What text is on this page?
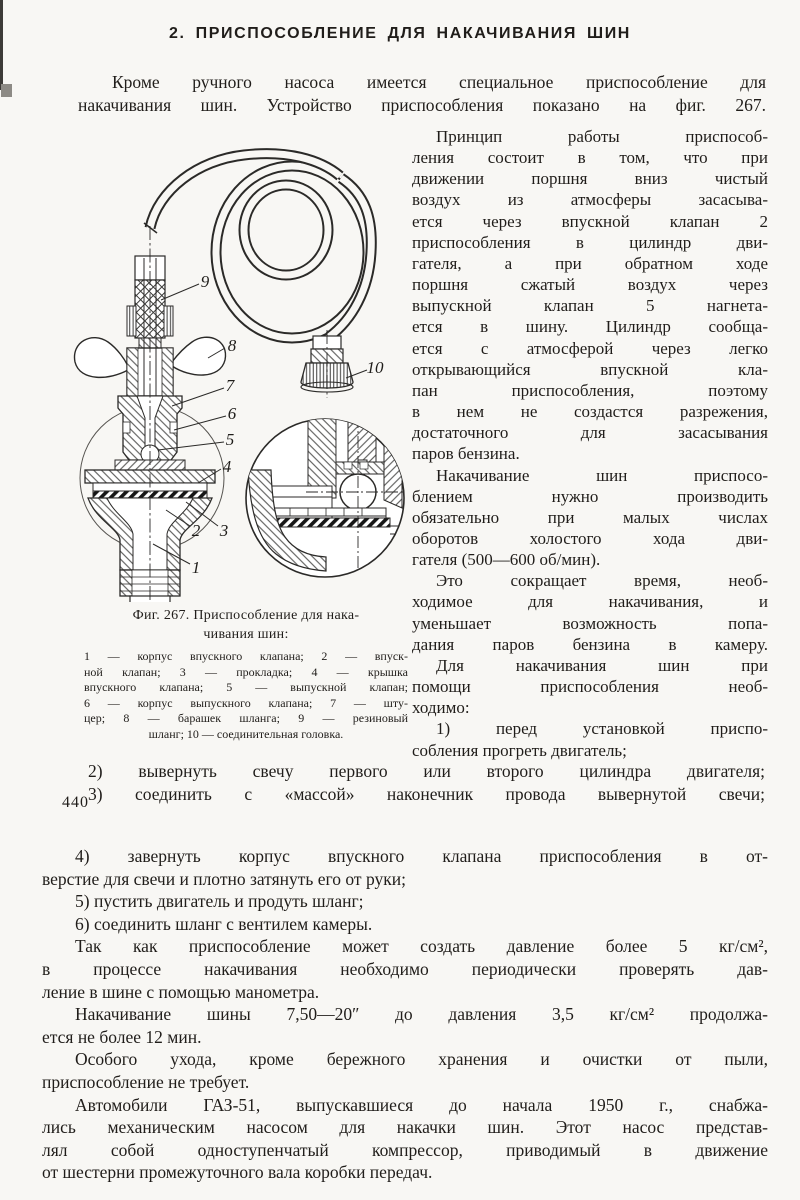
2. ПРИСПОСОБЛЕНИЕ ДЛЯ НАКАЧИВАНИЯ ШИН
Кроме ручного насоса имеется специальное приспособление для
накачивания шин. Устройство приспособления показано на фиг. 267.
1
2 3
4
5
6
7
8
9
10
Фиг. 267. Приспособление для нака-
чивания шин:
1 — корпус впускного клапана; 2 — впуск-
ной клапан; 3 — прокладка; 4 — крышка
впускного клапана; 5 — выпускной клапан;
6 — корпус выпускного клапана; 7 — шту-
цер; 8 — барашек шланга; 9 — резиновый
шланг; 10 — соединительная головка.
Принцип работы приспособ-
ления состоит в том, что при
движении поршня вниз чистый
воздух из атмосферы засасыва-
ется через впускной клапан 2
приспособления в цилиндр дви-
гателя, а при обратном ходе
поршня сжатый воздух через
выпускной клапан 5 нагнета-
ется в шину. Цилиндр сообща-
ется с атмосферой через легко
открывающийся впускной кла-
пан приспособления, поэтому
в нем не создастся разрежения,
достаточного для засасывания
паров бензина.
Накачивание шин приспосо-
блением нужно производить
обязательно при малых числах
оборотов холостого хода дви-
гателя (500—600 об/мин).
Это сокращает время, необ-
ходимое для накачивания, и
уменьшает возможность попа-
дания паров бензина в камеру.
Для накачивания шин при
помощи приспособления необ-
ходимо:
1) перед установкой приспо-
собления прогреть двигатель;
2) вывернуть свечу первого или второго цилиндра двигателя;
3) соединить с «массой» наконечник провода вывернутой свечи;
440
4) завернуть корпус впускного клапана приспособления в от-
верстие для свечи и плотно затянуть его от руки;
5) пустить двигатель и продуть шланг;
6) соединить шланг с вентилем камеры.
Так как приспособление может создать давление более 5 кг/см²,
в процессе накачивания необходимо периодически проверять дав-
ление в шине с помощью манометра.
Накачивание шины 7,50—20″ до давления 3,5 кг/см² продолжа-
ется не более 12 мин.
Особого ухода, кроме бережного хранения и очистки от пыли,
приспособление не требует.
Автомобили ГАЗ-51, выпускавшиеся до начала 1950 г., снабжа-
лись механическим насосом для накачки шин. Этот насос представ-
лял собой одноступенчатый компрессор, приводимый в движение
от шестерни промежуточного вала коробки передач.
